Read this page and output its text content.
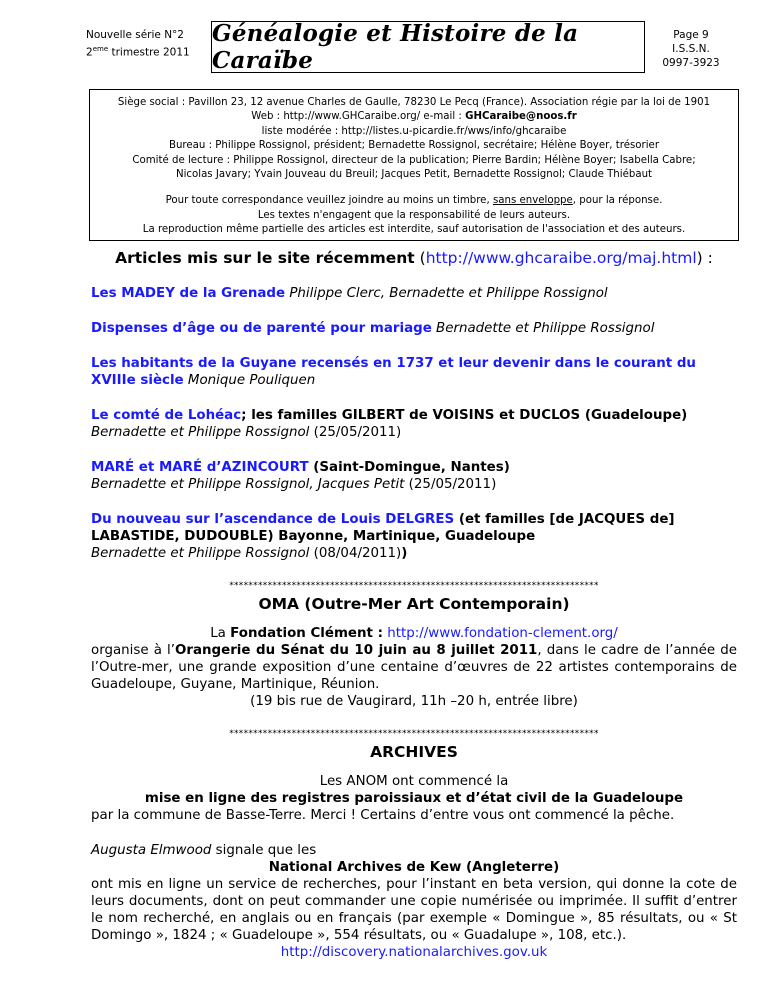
Nouvelle série N°2
2eme trimestre 2011
Généalogie et Histoire de la Caraïbe
Page 9
I.S.S.N.
0997-3923
Siège social : Pavillon 23, 12 avenue Charles de Gaulle, 78230 Le Pecq (France). Association régie par la loi de 1901
Web : http://www.GHCaraibe.org/ e-mail : GHCaraibe@noos.fr
liste modérée : http://listes.u-picardie.fr/wws/info/ghcaraibe
Bureau : Philippe Rossignol, président; Bernadette Rossignol, secrétaire; Hélène Boyer, trésorier
Comité de lecture : Philippe Rossignol, directeur de la publication; Pierre Bardin; Hélène Boyer; Isabella Cabre;
Nicolas Javary; Yvain Jouveau du Breuil; Jacques Petit, Bernadette Rossignol; Claude Thiébaut
Pour toute correspondance veuillez joindre au moins un timbre, sans enveloppe, pour la réponse.
Les textes n'engagent que la responsabilité de leurs auteurs.
La reproduction même partielle des articles est interdite, sauf autorisation de l'association et des auteurs.
Articles mis sur le site récemment (http://www.ghcaraibe.org/maj.html) :
Les MADEY de la Grenade Philippe Clerc, Bernadette et Philippe Rossignol
Dispenses d’âge ou de parenté pour mariage Bernadette et Philippe Rossignol
Les habitants de la Guyane recensés en 1737 et leur devenir dans le courant du XVIIIe siècle Monique Pouliquen
Le comté de Lohéac; les familles GILBERT de VOISINS et DUCLOS (Guadeloupe)
Bernadette et Philippe Rossignol (25/05/2011)
MARÉ et MARÉ d’AZINCOURT (Saint-Domingue, Nantes)
Bernadette et Philippe Rossignol, Jacques Petit (25/05/2011)
Du nouveau sur l’ascendance de Louis DELGRES (et familles [de JACQUES de] LABASTIDE, DUDOUBLE) Bayonne, Martinique, Guadeloupe
Bernadette et Philippe Rossignol (08/04/2011))
*****************************************************************************
OMA (Outre-Mer Art Contemporain)
La Fondation Clément : http://www.fondation-clement.org/
organise à l’Orangerie du Sénat du 10 juin au 8 juillet 2011, dans le cadre de l’année de l’Outre-mer, une grande exposition d’une centaine d’œuvres de 22 artistes contemporains de Guadeloupe, Guyane, Martinique, Réunion.
(19 bis rue de Vaugirard, 11h –20 h, entrée libre)
*****************************************************************************
ARCHIVES
Les ANOM ont commencé la
mise en ligne des registres paroissiaux et d’état civil de la Guadeloupe
par la commune de Basse-Terre. Merci ! Certains d’entre vous ont commencé la pêche.
Augusta Elmwood signale que les
National Archives de Kew (Angleterre)
ont mis en ligne un service de recherches, pour l’instant en beta version, qui donne la cote de leurs documents, dont on peut commander une copie numérisée ou imprimée. Il suffit d’entrer le nom recherché, en anglais ou en français (par exemple « Domingue », 85 résultats, ou « St Domingo », 1824 ; « Guadeloupe », 554 résultats, ou « Guadalupe », 108, etc.).
http://discovery.nationalarchives.gov.uk
